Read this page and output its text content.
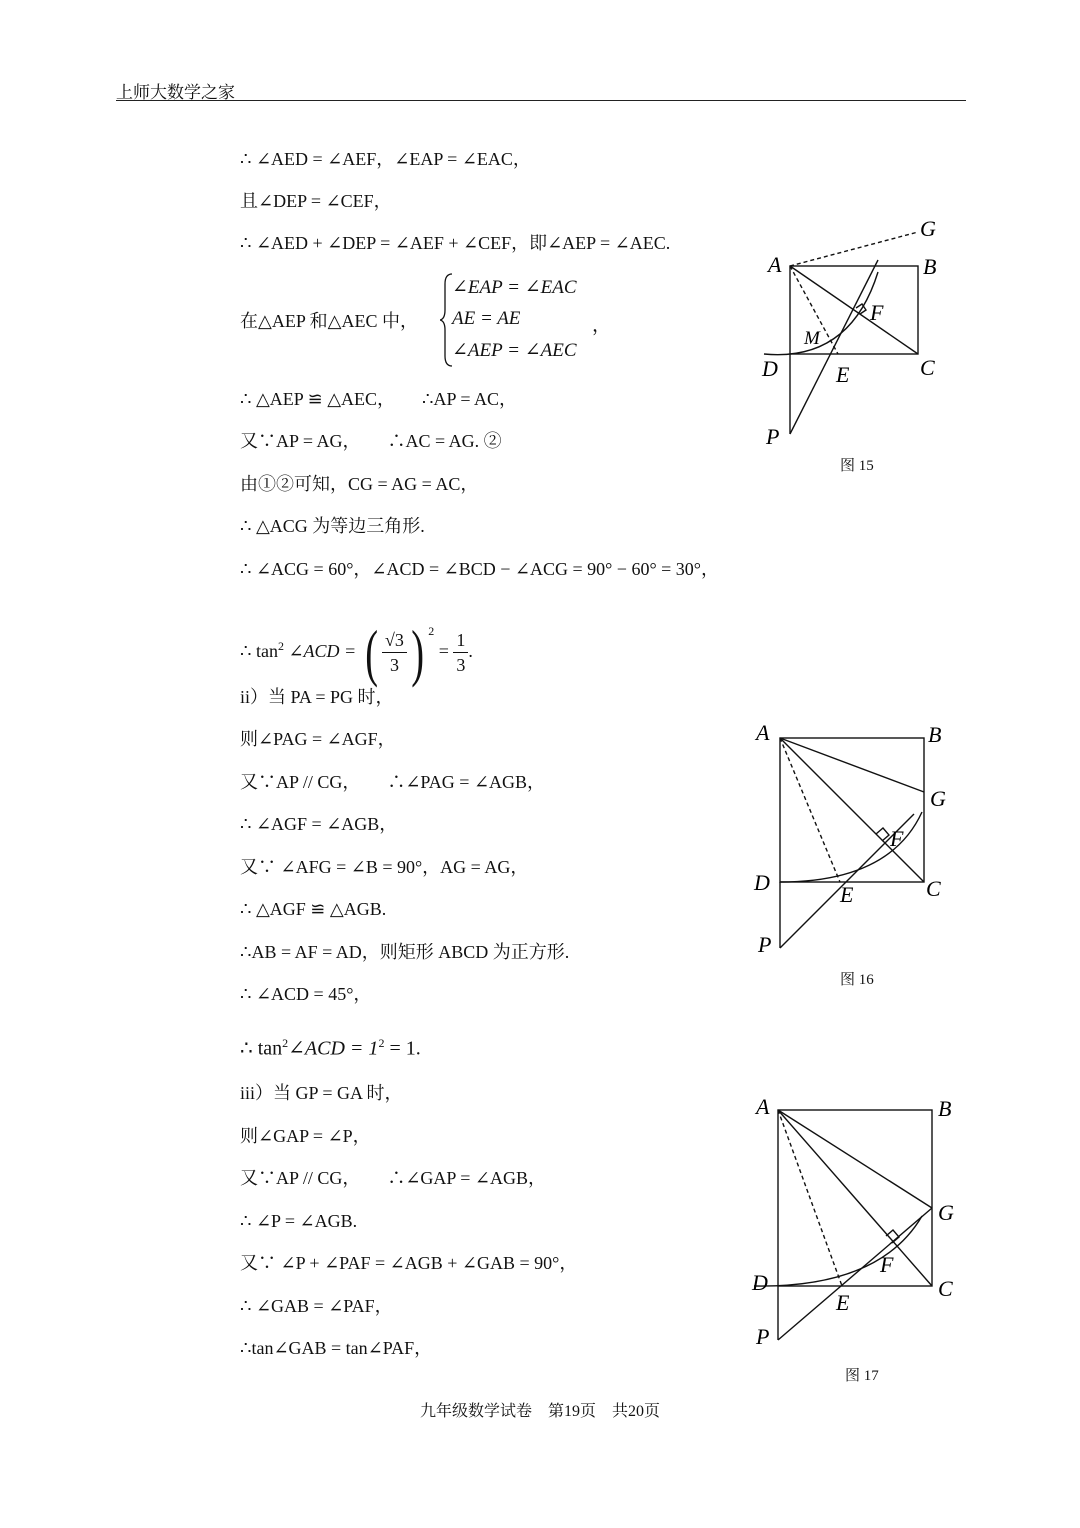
上师大数学之家
∴ ∠AED = ∠AEF，∠EAP = ∠EAC，
且∠DEP = ∠CEF，
∴ ∠AED + ∠DEP = ∠AEF + ∠CEF，即∠AEP = ∠AEC.
在△AEP 和△AEC 中，
∠EAP = ∠EAC
AE = AE
∠AEP = ∠AEC
，
∴ △AEP ≌ △AEC，　　∴AP = AC，
又∵AP = AG，　　∴AC = AG. ②
由①②可知，CG = AG = AC，
∴ △ACG 为等边三角形.
∴ ∠ACG = 60°，∠ACD = ∠BCD − ∠ACG = 90° − 60° = 30°，
∴ $\tan^2$ ∠ACD = ( $\frac{√3}{3}$ ) $^2 = \frac{1}{3}$ .
ii）当 PA = PG 时，
则∠PAG = ∠AGF，
又∵AP // CG，　　∴∠PAG = ∠AGB，
∴ ∠AGF = ∠AGB，
又∵ ∠AFG = ∠B = 90°，AG = AG，
∴ △AGF ≌ △AGB.
∴AB = AF = AD，则矩形 ABCD 为正方形.
∴ ∠ACD = 45°，
∴ $\tan^2\angle ACD = 1^2 = 1$.
iii）当 GP = GA 时，
则∠GAP = ∠P，
又∵AP // CG，　　∴∠GAP = ∠AGB，
∴ ∠P = ∠AGB.
又∵ ∠P + ∠PAF = ∠AGB + ∠GAB = 90°，
∴ ∠GAB = ∠PAF，
∴tan∠GAB = tan∠PAF，
A	B
C
D	E
F
G
M
P
图 15
A	B
C
D	E
F
G
P
图 16
A	B
C
D
E
F
G
P
图 17
九年级数学试卷　第19页　共20页
